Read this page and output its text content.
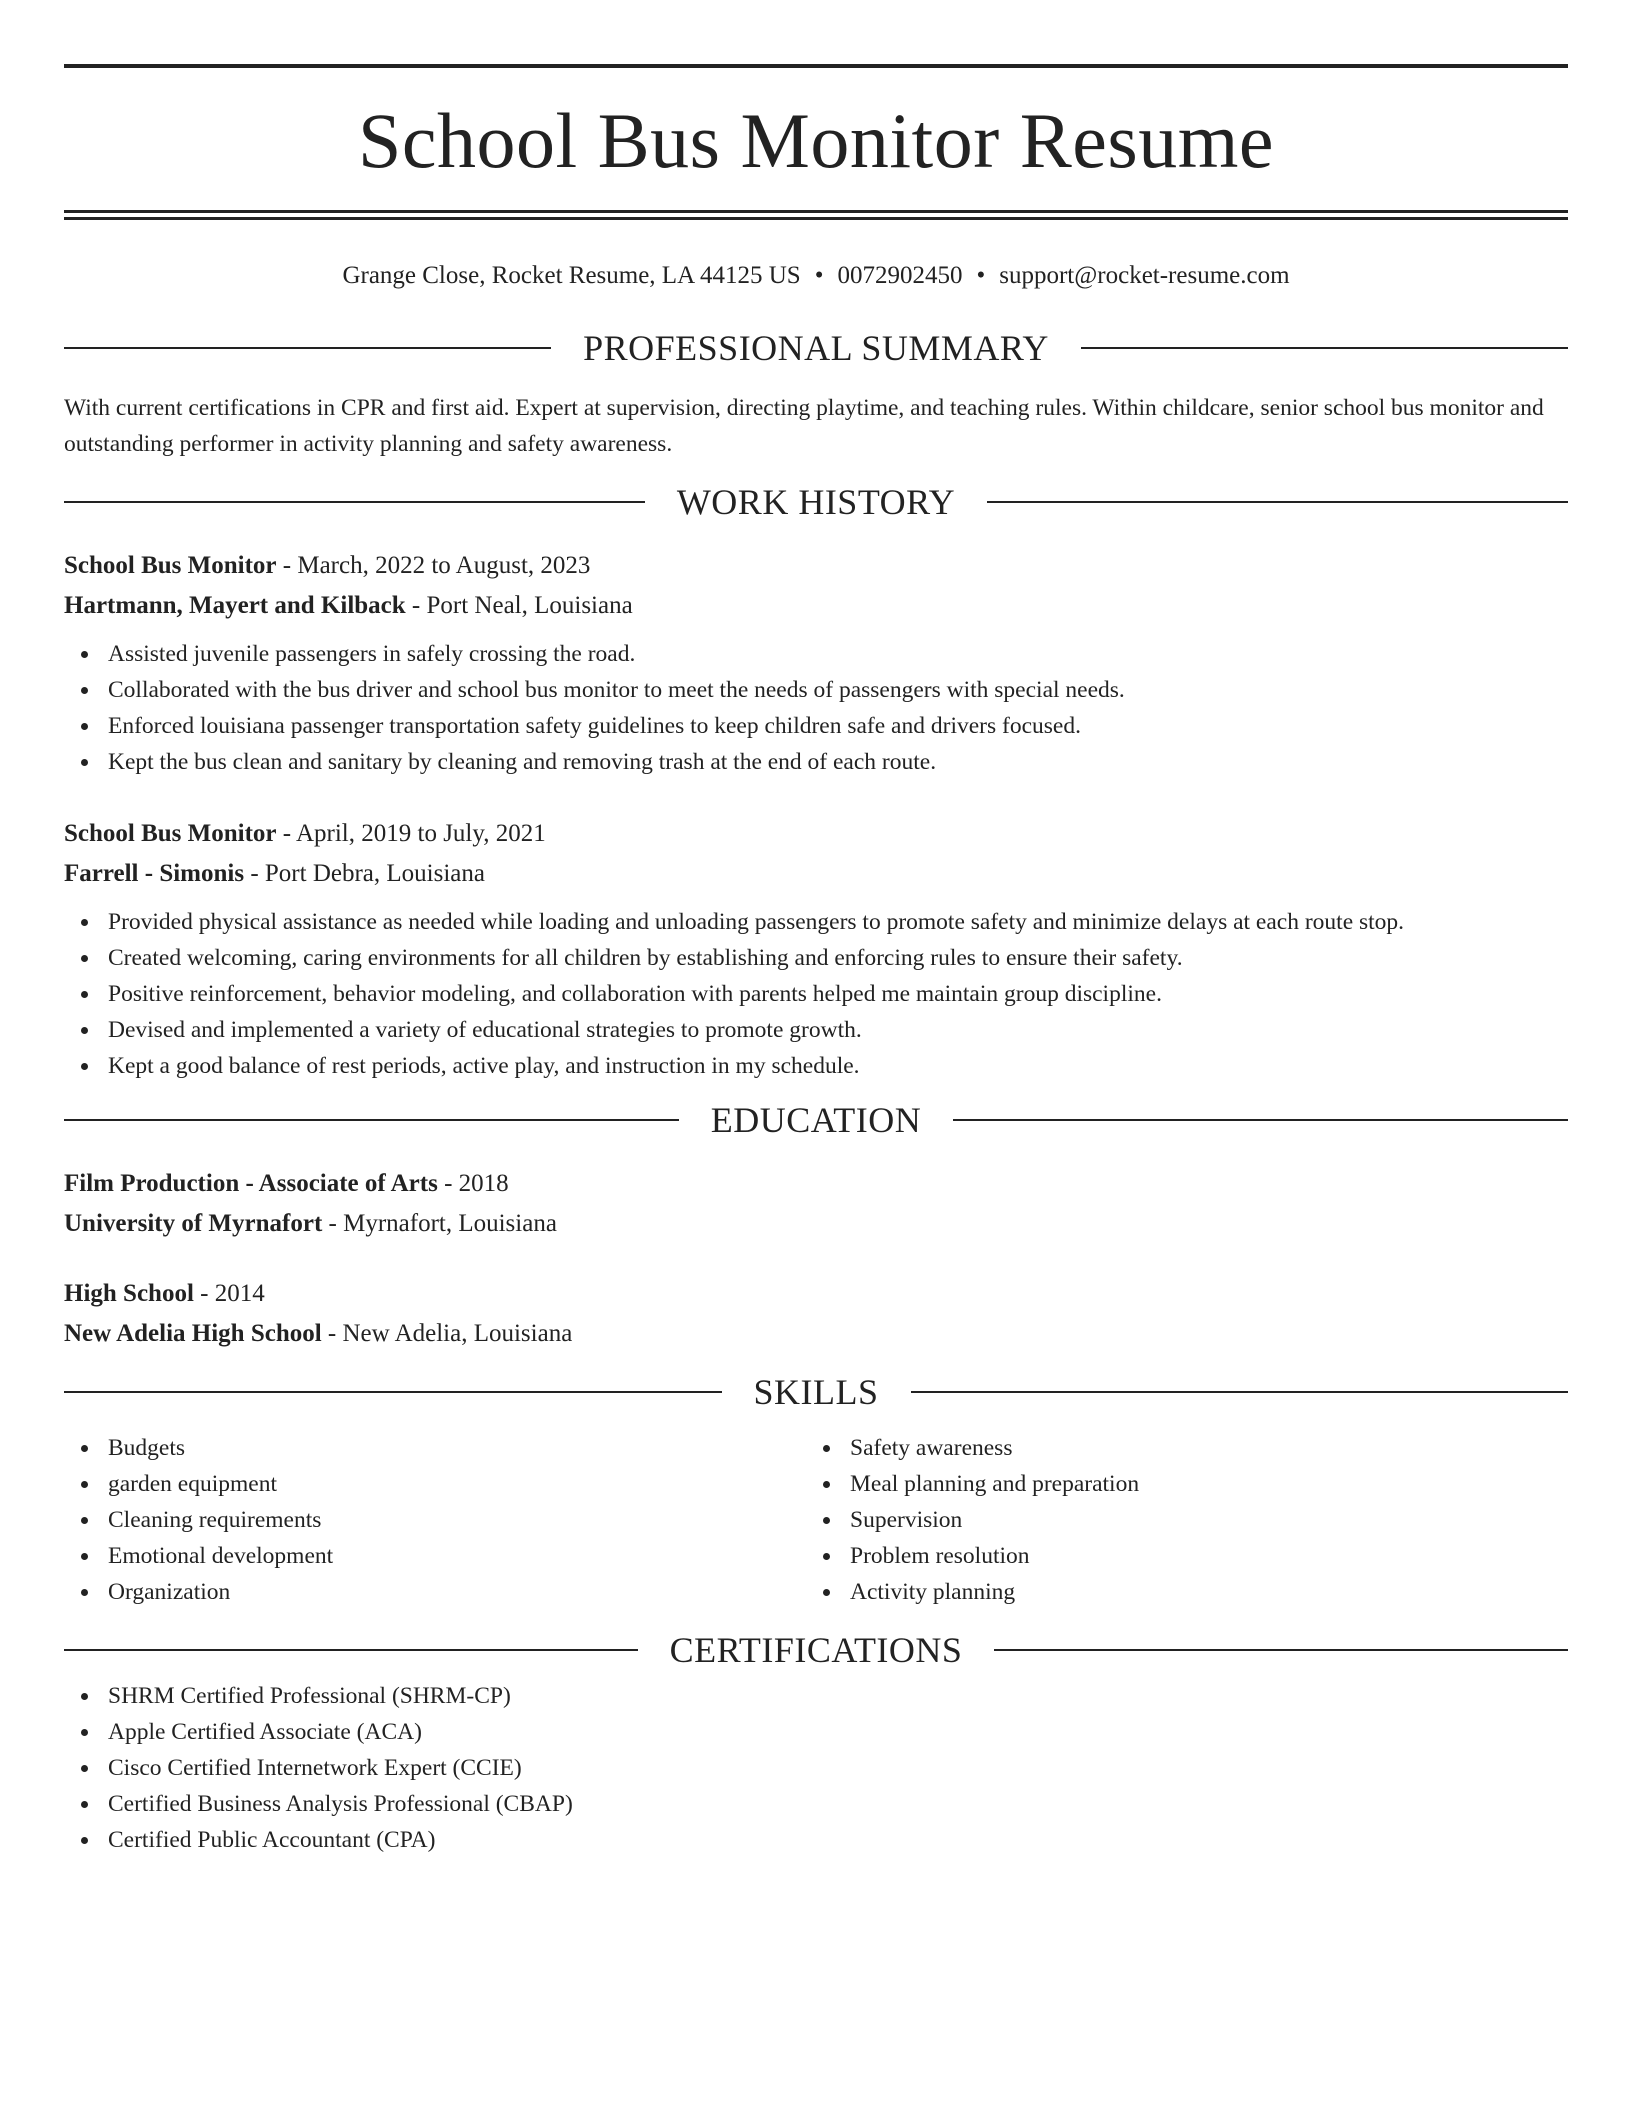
School Bus Monitor Resume
Grange Close, Rocket Resume, LA 44125 US • 0072902450 • support@rocket-resume.com
PROFESSIONAL SUMMARY
With current certifications in CPR and first aid. Expert at supervision, directing playtime, and teaching rules. Within childcare, senior school bus monitor and outstanding performer in activity planning and safety awareness.
WORK HISTORY
School Bus Monitor - March, 2022 to August, 2023
Hartmann, Mayert and Kilback - Port Neal, Louisiana
Assisted juvenile passengers in safely crossing the road.
Collaborated with the bus driver and school bus monitor to meet the needs of passengers with special needs.
Enforced louisiana passenger transportation safety guidelines to keep children safe and drivers focused.
Kept the bus clean and sanitary by cleaning and removing trash at the end of each route.
School Bus Monitor - April, 2019 to July, 2021
Farrell - Simonis - Port Debra, Louisiana
Provided physical assistance as needed while loading and unloading passengers to promote safety and minimize delays at each route stop.
Created welcoming, caring environments for all children by establishing and enforcing rules to ensure their safety.
Positive reinforcement, behavior modeling, and collaboration with parents helped me maintain group discipline.
Devised and implemented a variety of educational strategies to promote growth.
Kept a good balance of rest periods, active play, and instruction in my schedule.
EDUCATION
Film Production - Associate of Arts - 2018
University of Myrnafort - Myrnafort, Louisiana
High School - 2014
New Adelia High School - New Adelia, Louisiana
SKILLS
Budgets
garden equipment
Cleaning requirements
Emotional development
Organization
Safety awareness
Meal planning and preparation
Supervision
Problem resolution
Activity planning
CERTIFICATIONS
SHRM Certified Professional (SHRM-CP)
Apple Certified Associate (ACA)
Cisco Certified Internetwork Expert (CCIE)
Certified Business Analysis Professional (CBAP)
Certified Public Accountant (CPA)
